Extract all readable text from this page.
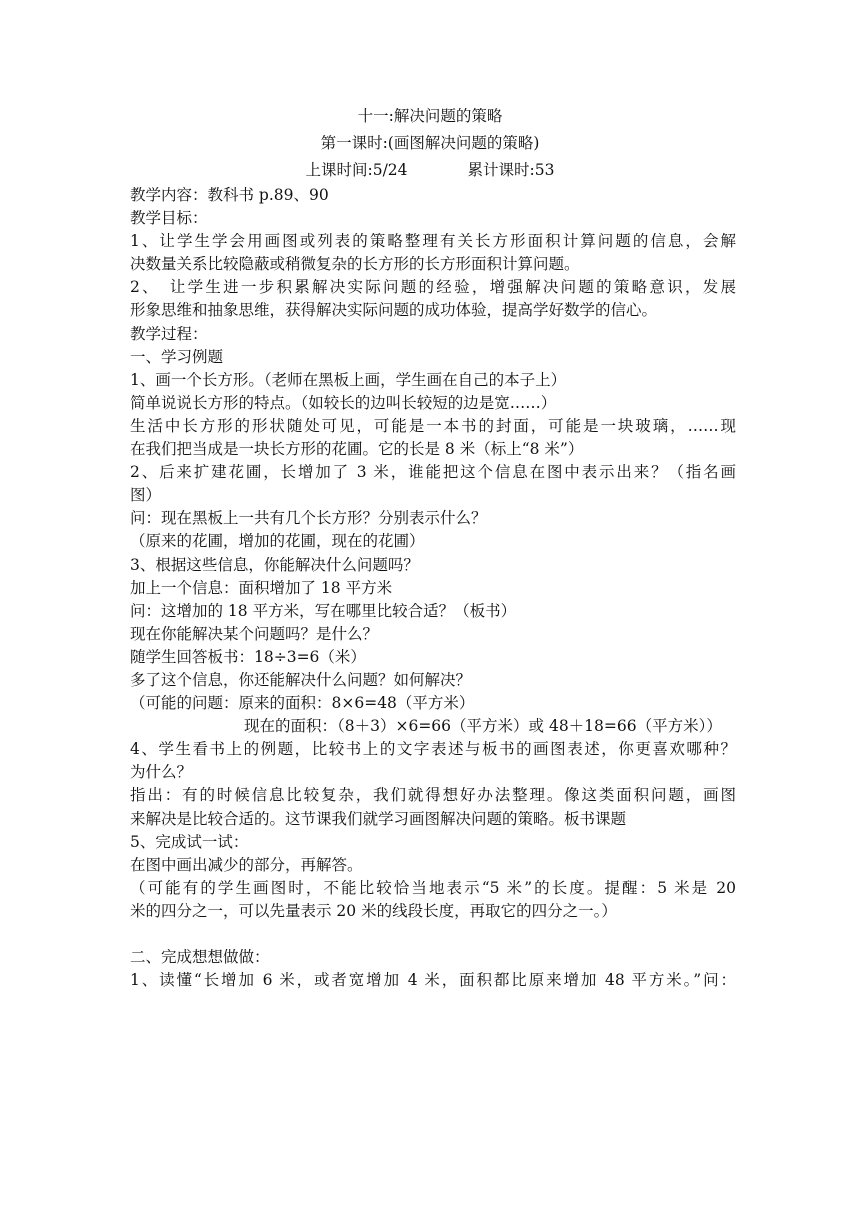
十一:解决问题的策略
第一课时:(画图解决问题的策略)
上课时间:5/24	累计课时:53
教学内容：教科书 p.89、90
教学目标：
1、让学生学会用画图或列表的策略整理有关长方形面积计算问题的信息，会解
决数量关系比较隐蔽或稍微复杂的长方形的长方形面积计算问题。
2、　让学生进一步积累解决实际问题的经验，增强解决问题的策略意识，发展
形象思维和抽象思维，获得解决实际问题的成功体验，提高学好数学的信心。
教学过程：
一、学习例题
1、画一个长方形。（老师在黑板上画，学生画在自己的本子上）
简单说说长方形的特点。（如较长的边叫长较短的边是宽……）
生活中长方形的形状随处可见，可能是一本书的封面，可能是一块玻璃，……现
在我们把当成是一块长方形的花圃。它的长是 8 米（标上“8 米”）
2、后来扩建花圃，长增加了 3 米，谁能把这个信息在图中表示出来？（指名画
图）
问：现在黑板上一共有几个长方形？分别表示什么？
（原来的花圃，增加的花圃，现在的花圃）
3、根据这些信息，你能解决什么问题吗？
加上一个信息：面积增加了 18 平方米
问：这增加的 18 平方米，写在哪里比较合适？（板书）
现在你能解决某个问题吗？是什么？
随学生回答板书：18÷3=6（米）
多了这个信息，你还能解决什么问题？如何解决？
（可能的问题：原来的面积：8×6=48（平方米）
现在的面积：（8＋3）×6=66（平方米）或 48＋18=66（平方米））
4、学生看书上的例题，比较书上的文字表述与板书的画图表述，你更喜欢哪种？
为什么？
指出：有的时候信息比较复杂，我们就得想好办法整理。像这类面积问题，画图
来解决是比较合适的。这节课我们就学习画图解决问题的策略。板书课题
5、完成试一试：
在图中画出减少的部分，再解答。
（可能有的学生画图时，不能比较恰当地表示“5 米”的长度。提醒：5 米是 20
米的四分之一，可以先量表示 20 米的线段长度，再取它的四分之一。）
二、完成想想做做：
1、读懂“长增加 6 米，或者宽增加 4 米，面积都比原来增加 48 平方米。”问：
